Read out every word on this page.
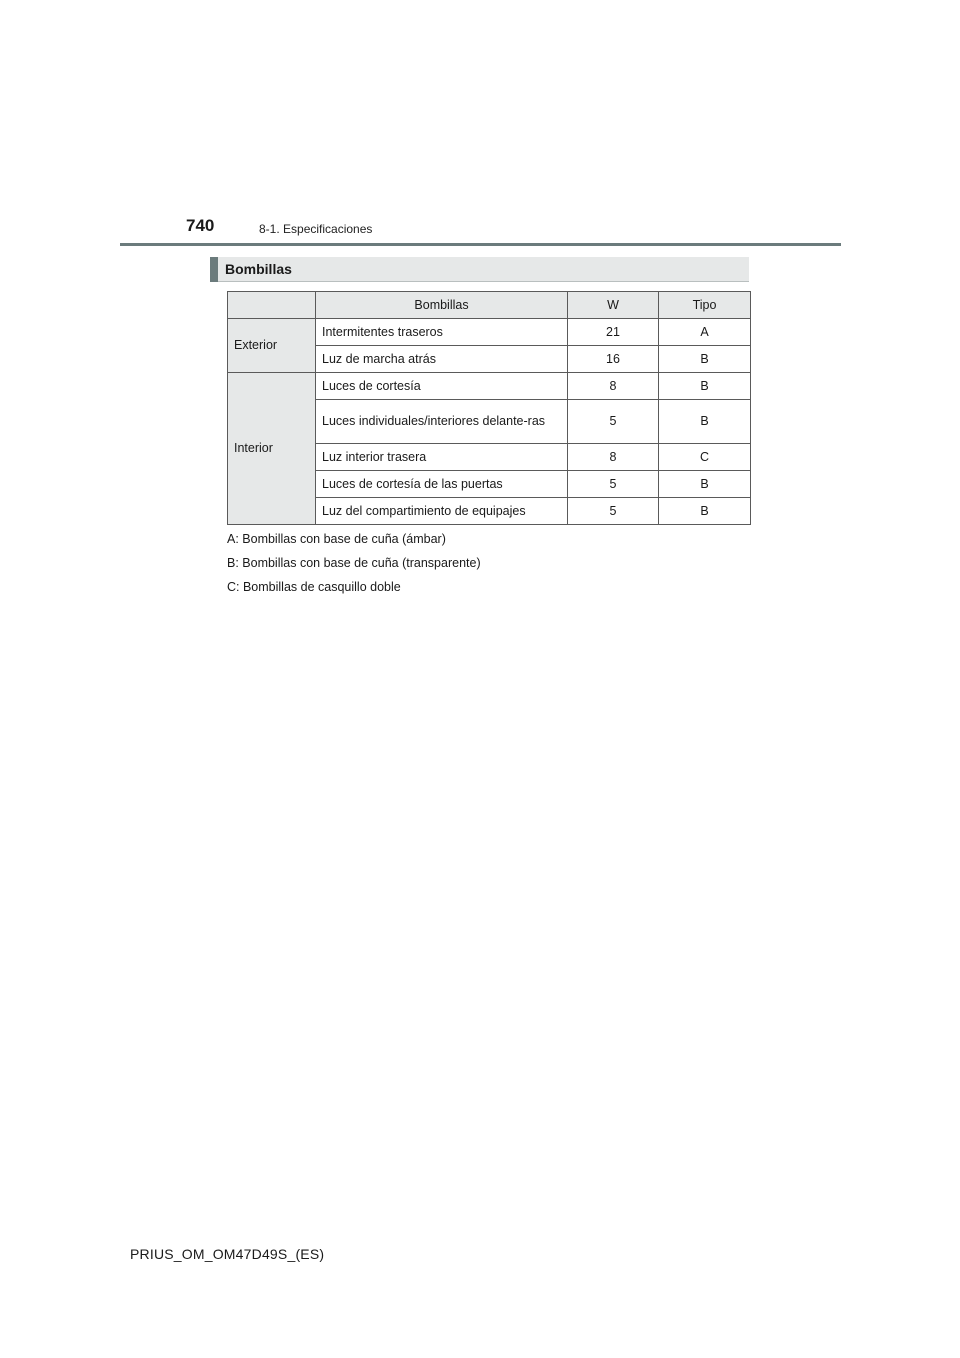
740	8-1. Especificaciones
Bombillas
	Bombillas	W	Tipo
Exterior	Intermitentes traseros	21	A
	Luz de marcha atrás	16	B
Interior	Luces de cortesía	8	B
	Luces individuales/interiores delante-ras	5	B
	Luz interior trasera	8	C
	Luces de cortesía de las puertas	5	B
	Luz del compartimiento de equipajes	5	B
A: Bombillas con base de cuña (ámbar)
B: Bombillas con base de cuña (transparente)
C: Bombillas de casquillo doble
PRIUS_OM_OM47D49S_(ES)
